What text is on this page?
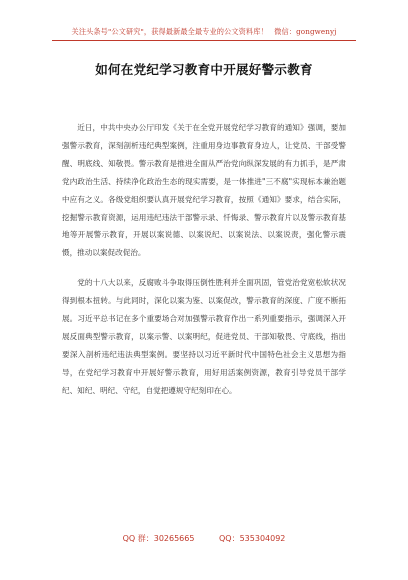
关注头条号"公文研究"，获得最新最全最专业的公文资料库！ 微信：gongwenyj
如何在党纪学习教育中开展好警示教育

近日，中共中央办公厅印发《关于在全党开展党纪学习教育的通知》强调，要加强警示教育，深刻剖析违纪典型案例，注重用身边事教育身边人，让党员、干部受警醒、明底线、知敬畏。警示教育是推进全面从严治党向纵深发展的有力抓手，是严肃党内政治生活、持续净化政治生态的现实需要，是一体推进"三不腐"实现标本兼治题中应有之义。各级党组织要认真开展党纪学习教育，按照《通知》要求，结合实际，挖掘警示教育资源，运用违纪违法干部警示录、忏悔录、警示教育片以及警示教育基地等开展警示教育，开展以案说德、以案说纪、以案说法、以案说责，强化警示震慑，推动以案促改促治。

党的十八大以来，反腐败斗争取得压倒性胜利并全面巩固，管党治党宽松软状况得到根本扭转。与此同时，深化以案为鉴、以案促改，警示教育的深度、广度不断拓展。习近平总书记在多个重要场合对加强警示教育作出一系列重要指示，强调深入开展反面典型警示教育，以案示警、以案明纪，促进党员、干部知敬畏、守底线，指出要深入剖析违纪违法典型案例。要坚持以习近平新时代中国特色社会主义思想为指导，在党纪学习教育中开展好警示教育，用好用活案例资源，教育引导党员干部学纪、知纪、明纪、守纪，自觉把遵规守纪刻印在心。

QQ 群：30265665	QQ：535304092
